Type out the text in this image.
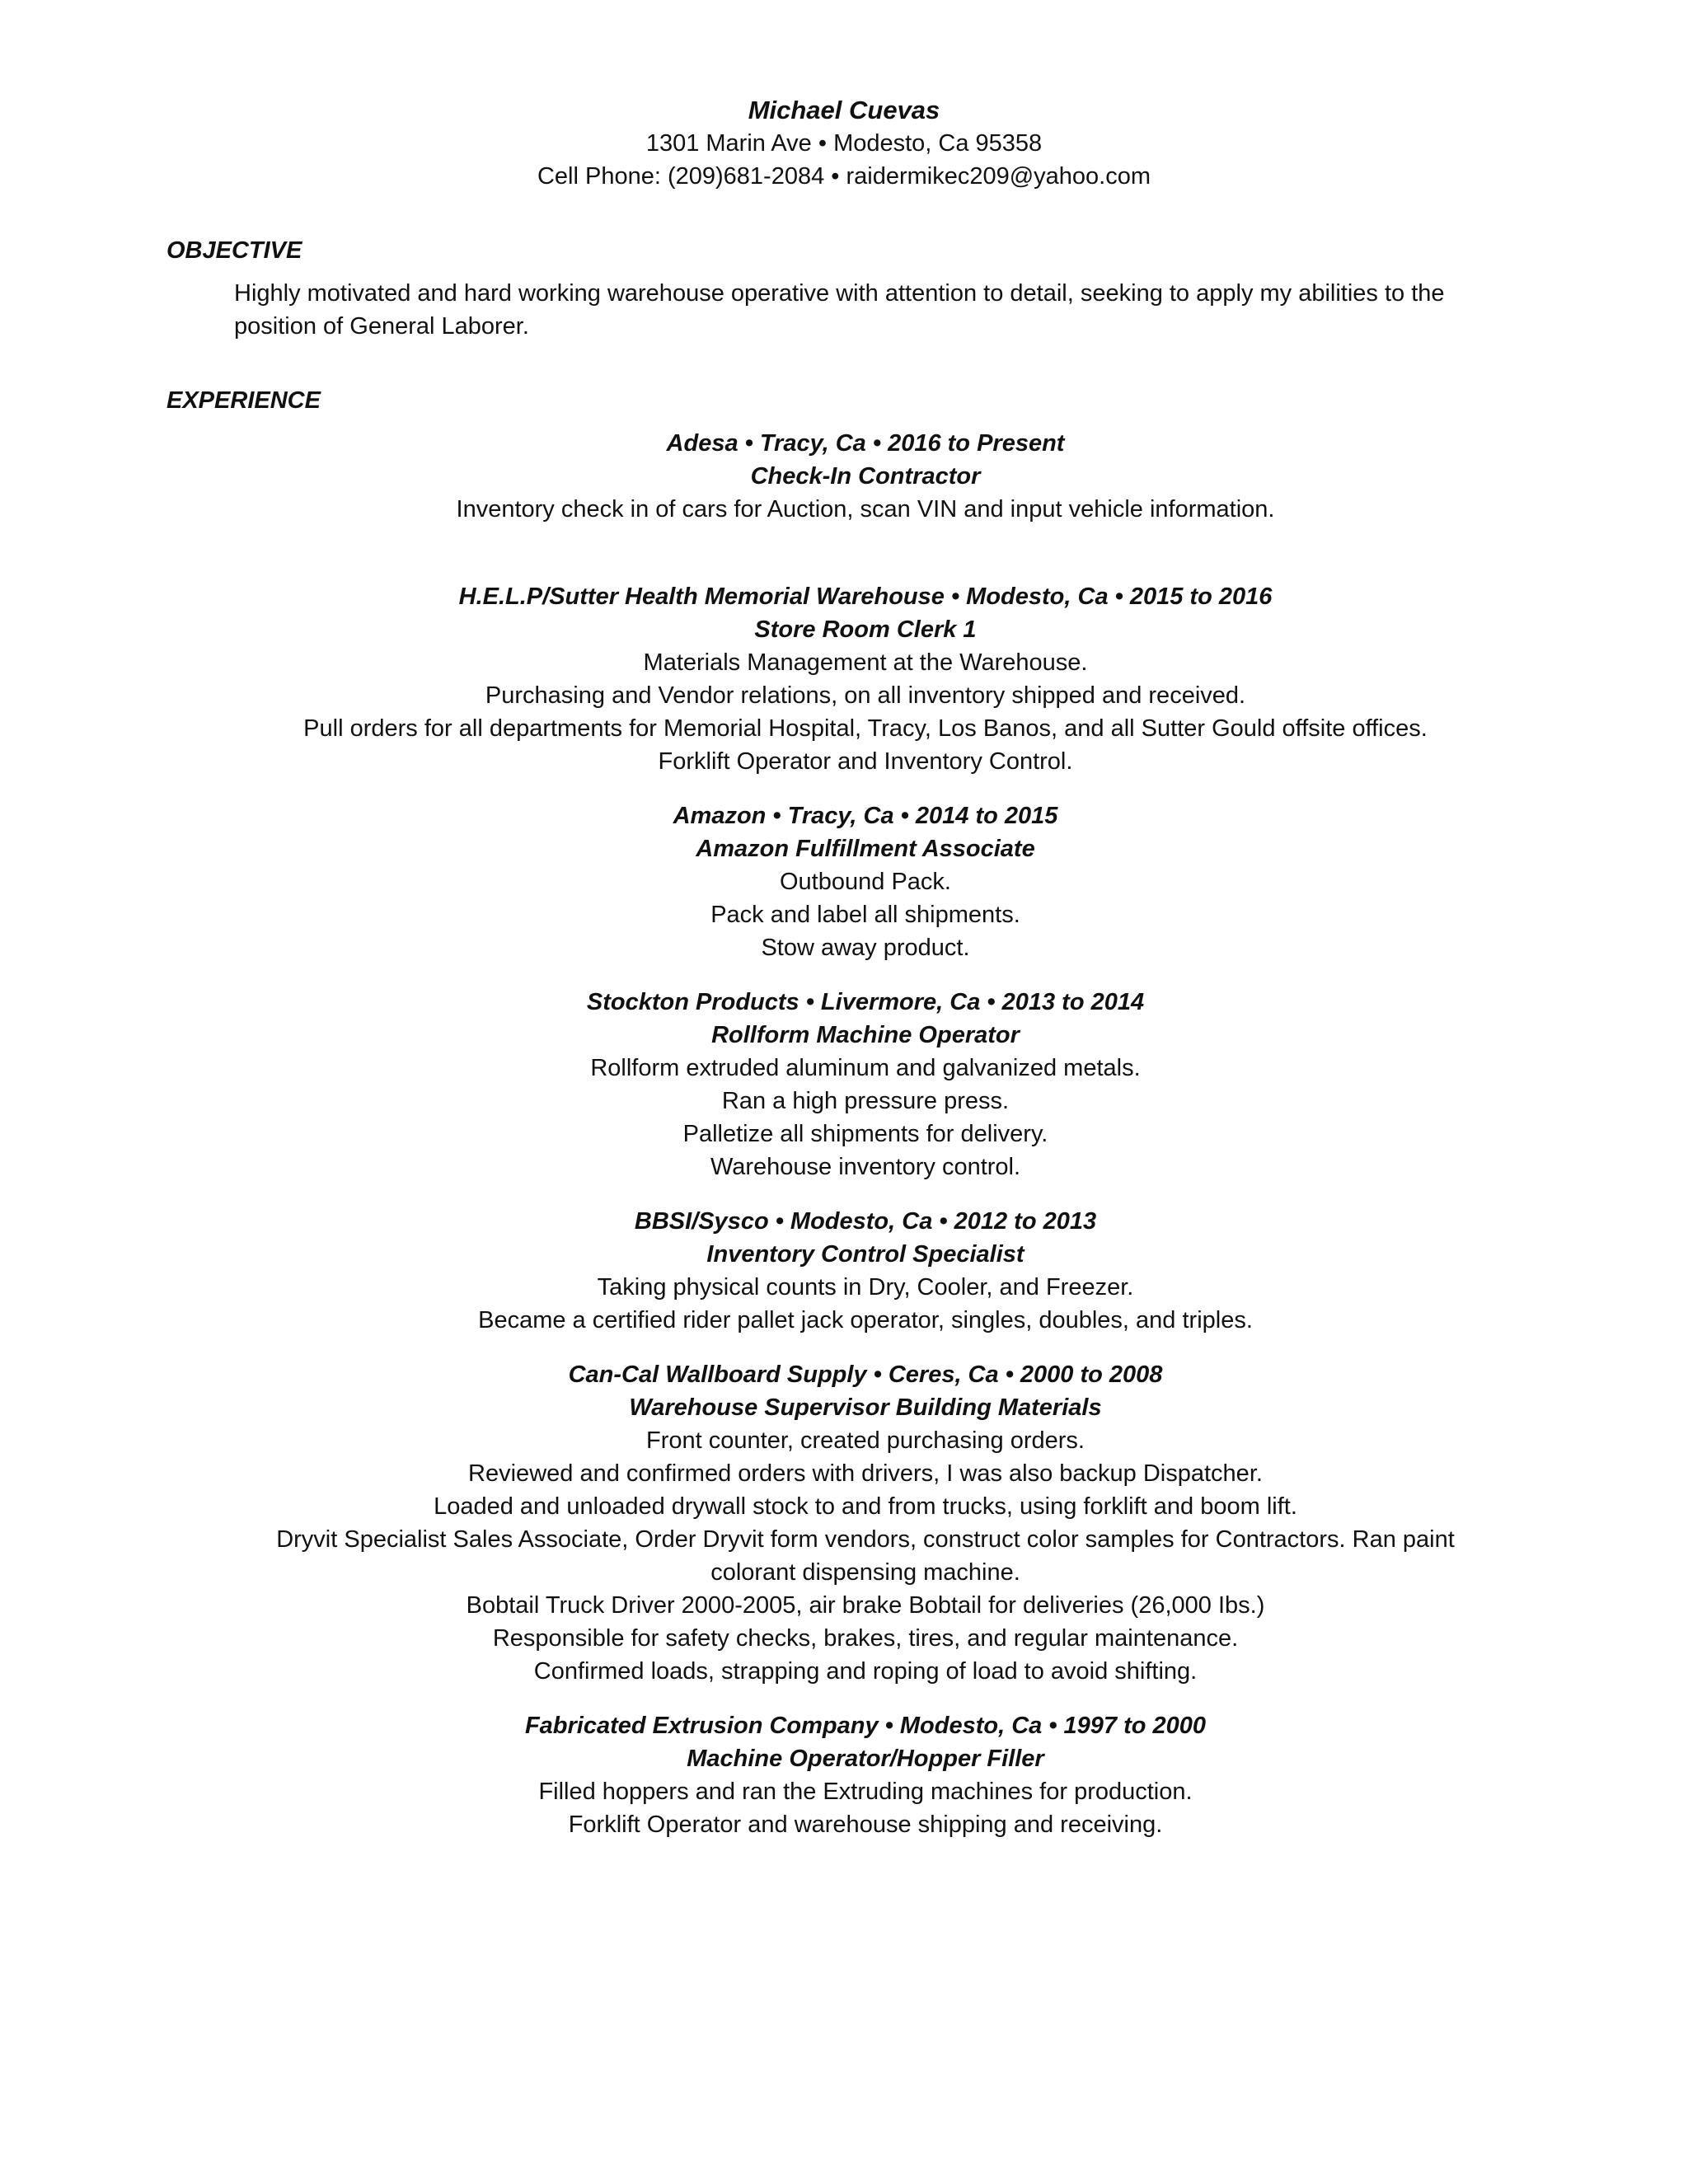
Michael Cuevas
1301 Marin Ave • Modesto, Ca 95358
Cell Phone: (209)681-2084 • raidermikec209@yahoo.com
OBJECTIVE
Highly motivated and hard working warehouse operative with attention to detail, seeking to apply my abilities to the position of General Laborer.
EXPERIENCE
Adesa • Tracy, Ca • 2016 to Present
Check-In Contractor
Inventory check in of cars for Auction, scan VIN and input vehicle information.
H.E.L.P/Sutter Health Memorial Warehouse • Modesto, Ca • 2015 to 2016
Store Room Clerk 1
Materials Management at the Warehouse.
Purchasing and Vendor relations, on all inventory shipped and received.
Pull orders for all departments for Memorial Hospital, Tracy, Los Banos, and all Sutter Gould offsite offices.
Forklift Operator and Inventory Control.
Amazon • Tracy, Ca • 2014 to 2015
Amazon Fulfillment Associate
Outbound Pack.
Pack and label all shipments.
Stow away product.
Stockton Products • Livermore, Ca • 2013 to 2014
Rollform Machine Operator
Rollform extruded aluminum and galvanized metals.
Ran a high pressure press.
Palletize all shipments for delivery.
Warehouse inventory control.
BBSI/Sysco • Modesto, Ca • 2012 to 2013
Inventory Control Specialist
Taking physical counts in Dry, Cooler, and Freezer.
Became a certified rider pallet jack operator, singles, doubles, and triples.
Can-Cal Wallboard Supply • Ceres, Ca • 2000 to 2008
Warehouse Supervisor Building Materials
Front counter, created purchasing orders.
Reviewed and confirmed orders with drivers, I was also backup Dispatcher.
Loaded and unloaded drywall stock to and from trucks, using forklift and boom lift.
Dryvit Specialist Sales Associate, Order Dryvit form vendors, construct color samples for Contractors. Ran paint colorant dispensing machine.
Bobtail Truck Driver 2000-2005, air brake Bobtail for deliveries (26,000 Ibs.)
Responsible for safety checks, brakes, tires, and regular maintenance.
Confirmed loads, strapping and roping of load to avoid shifting.
Fabricated Extrusion Company • Modesto, Ca • 1997 to 2000
Machine Operator/Hopper Filler
Filled hoppers and ran the Extruding machines for production.
Forklift Operator and warehouse shipping and receiving.
